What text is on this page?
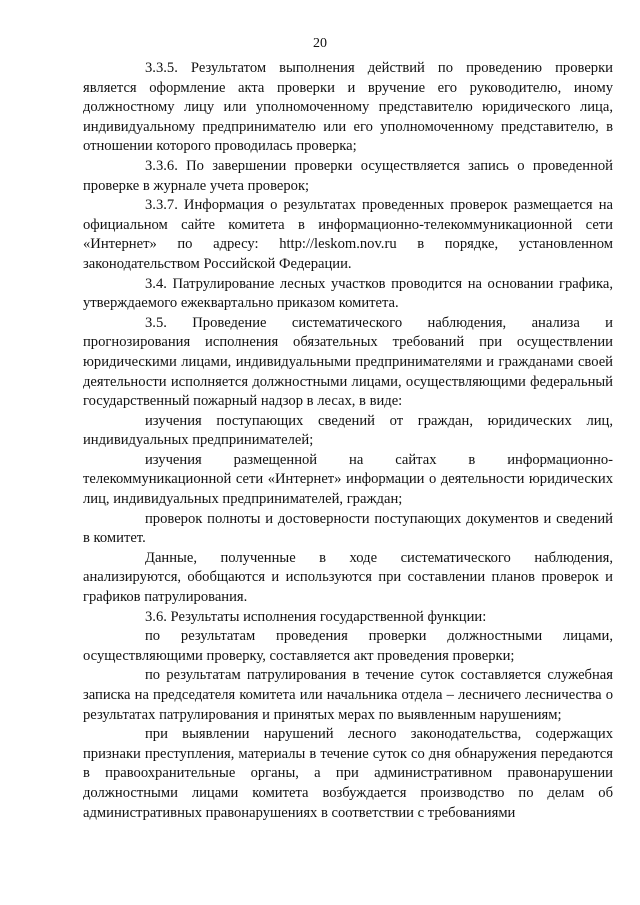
20

3.3.5. Результатом выполнения действий по проведению проверки является оформление акта проверки и вручение его руководителю, иному должностному лицу или уполномоченному представителю юридического лица, индивидуальному предпринимателю или его уполномоченному представителю, в отношении которого проводилась проверка;

3.3.6. По завершении проверки осуществляется запись о проведенной проверке в журнале учета проверок;

3.3.7. Информация о результатах проведенных проверок размещается на официальном сайте комитета в информационно-телекоммуникационной сети «Интернет» по адресу: http://leskom.nov.ru в порядке, установленном законодательством Российской Федерации.

3.4. Патрулирование лесных участков проводится на основании графика, утверждаемого ежеквартально приказом комитета.

3.5. Проведение систематического наблюдения, анализа и прогнозирования исполнения обязательных требований при осуществлении юридическими лицами, индивидуальными предпринимателями и гражданами своей деятельности исполняется должностными лицами, осуществляющими федеральный государственный пожарный надзор в лесах, в виде:

изучения поступающих сведений от граждан, юридических лиц, индивидуальных предпринимателей;

изучения размещенной на сайтах в информационно-телекоммуникационной сети «Интернет» информации о деятельности юридических лиц, индивидуальных предпринимателей, граждан;

проверок полноты и достоверности поступающих документов и сведений в комитет.

Данные, полученные в ходе систематического наблюдения, анализируются, обобщаются и используются при составлении планов проверок и графиков патрулирования.

3.6. Результаты исполнения государственной функции:

по результатам проведения проверки должностными лицами, осуществляющими проверку, составляется акт проведения проверки;

по результатам патрулирования в течение суток составляется служебная записка на председателя комитета или начальника отдела – лесничего лесничества о результатах патрулирования и принятых мерах по выявленным нарушениям;

при выявлении нарушений лесного законодательства, содержащих признаки преступления, материалы в течение суток со дня обнаружения передаются в правоохранительные органы, а при административном правонарушении должностными лицами комитета возбуждается производство по делам об административных правонарушениях в соответствии с требованиями
